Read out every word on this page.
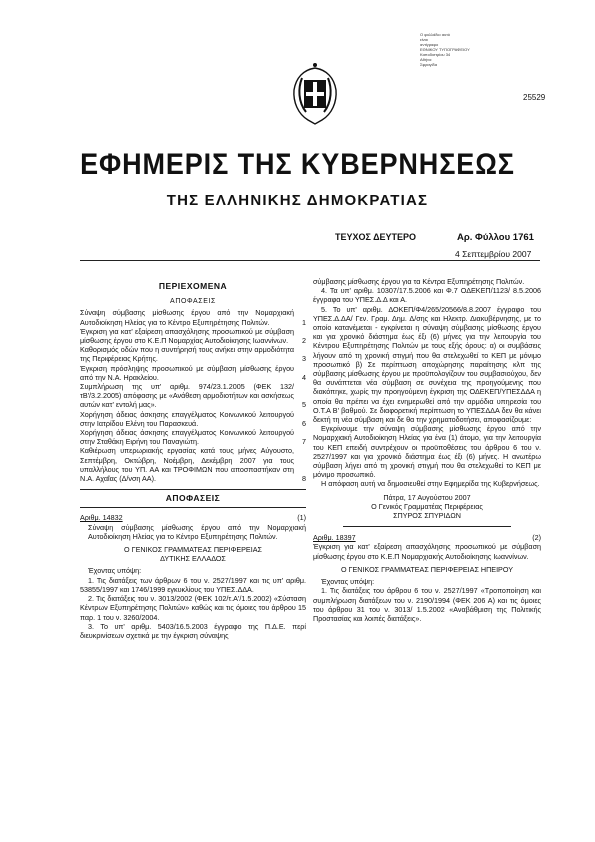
Ο φυλλάδιο αυτό
είναι
αντίγραφο
ΕΘΝΙΚΟΥ ΤΥΠΟΓΡΑΦΕΙΟΥ
Καποδιστρίου 34
Αθήνα
Σφραγίδα
25529
ΕΦΗΜΕΡΙΣ ΤΗΣ ΚΥΒΕΡΝΗΣΕΩΣ
ΤΗΣ ΕΛΛΗΝΙΚΗΣ ΔΗΜΟΚΡΑΤΙΑΣ
ΤΕΥΧΟΣ ΔΕΥΤΕΡΟ	Αρ. Φύλλου 1761
4 Σεπτεμβρίου 2007
ΠΕΡΙΕΧΟΜΕΝΑ
ΑΠΟΦΑΣΕΙΣ
Σύναψη σύμβασης μίσθωσης έργου από την Νομαρχιακή Αυτοδιοίκηση Ηλείας για το Κέντρο Εξυπηρέτησης Πολιτών.	1
Έγκριση για κατ' εξαίρεση απασχόλησης προσωπικού με σύμβαση μίσθωσης έργου στο Κ.Ε.Π Νομαρχίας Αυτοδιοίκησης Ιωαννίνων.	2
Καθορισμός οδών που η συντήρησή τους ανήκει στην αρμοδιότητα της Περιφέρειας Κρήτης.	3
Έγκριση πρόσληψης προσωπικού με σύμβαση μίσθωσης έργου από την Ν.Α. Ηρακλείου.	4
Συμπλήρωση της υπ' αριθμ. 974/23.1.2005 (ΦΕΚ 132/ τΒ'/3.2.2005) απόφασης με «Ανάθεση αρμοδιοτήτων και ασκήσεως αυτών κατ' εντολή μας».	5
Χορήγηση άδειας άσκησης επαγγέλματος Κοινωνικού λειτουργού στην Ιατρίδου Ελένη του Παρασκευά.	6
Χορήγηση άδειας άσκησης επαγγέλματος Κοινωνικού λειτουργού στην Σταθάκη Ειρήνη του Παναγιώτη.	7
Καθιέρωση υπερωριακής εργασίας κατά τους μήνες Αύγουστο, Σεπτέμβρη, Οκτώβρη, Νοέμβρη, Δεκέμβρη 2007 για τους υπαλλήλους του ΥΠ. ΑΑ και ΤΡΟΦΙΜΩΝ που αποσπαστήκαν στη Ν.Α. Αχαΐας (Δ/νση ΑΑ).	8
ΑΠΟΦΑΣΕΙΣ
Αριθμ. 14832	(1)
Σύναψη σύμβασης μίσθωσης έργου από την Νομαρχιακή Αυτοδιοίκηση Ηλείας για το Κέντρο Εξυπηρέτησης Πολιτών.
Ο ΓΕΝΙΚΟΣ ΓΡΑΜΜΑΤΕΑΣ ΠΕΡΙΦΕΡΕΙΑΣ
ΔΥΤΙΚΗΣ ΕΛΛΑΔΟΣ
Έχοντας υπόψη:
1. Τις διατάξεις των άρθρων 6 του ν. 2527/1997 και τις υπ' αριθμ. 53855/1997 και 1746/1999 εγκυκλίους του ΥΠΕΣ.ΔΔΑ.
2. Τις διατάξεις του ν. 3013/2002 (ΦΕΚ 102/τ.Α'/1.5.2002) «Σύσταση Κέντρων Εξυπηρέτησης Πολιτών» καθώς και τις όμοιες του άρθρου 15 παρ. 1 του ν. 3260/2004.
3. Το υπ' αριθμ. 5403/16.5.2003 έγγραφο της Π.Δ.Ε. περί διευκρινίσεων σχετικά με την έγκριση σύναψης
σύμβασης μίσθωσης έργου για τα Κέντρα Εξυπηρέτησης Πολιτών.
4. Τα υπ' αριθμ. 10307/17.5.2006 και Φ.7 ΟΔΕΚΕΠ/1123/ 8.5.2006 έγγραφα του ΥΠΕΣ.Δ.Δ και Α.
5. Το υπ' αριθμ. ΔΟΚΕΠ/Φ4/265/20566/8.8.2007 έγγραφο του ΥΠΕΣ.Δ.ΔΑ/ Γεν. Γραμ. Δημ. Δ/σης και Ηλεκτρ. Διακυβέρνησης, με το οποίο κατανέμεται - εγκρίνεται η σύναψη σύμβασης μίσθωσης έργου και για χρονικό διάστημα έως έξι (6) μήνες για την λειτουργία του Κέντρου Εξυπηρέτησης Πολιτών με τους εξής όρους: α) οι συμβάσεις λήγουν από τη χρονική στιγμή που θα στελεχωθεί το ΚΕΠ με μόνιμο προσωπικό β) Σε περίπτωση αποχώρησης παραίτησης κλπ της σύμβασης μίσθωσης έργου με προϋπολογίζουν του συμβασιούχου, δεν θα συνάπτεται νέα σύμβαση σε συνέχεια της προηγούμενης που διακόπηκε, χωρίς την προηγούμενη έγκριση της ΟΔΕΚΕΠ/ΥΠΕΣΔΔΑ η οποία θα πρέπει να έχει ενημερωθεί από την αρμόδια υπηρεσία του Ο.Τ.Α Β' βαθμού. Σε διαφορετική περίπτωση το ΥΠΕΣΔΔΑ δεν θα κάνει δεκτή τη νέα σύμβαση και δε θα την χρηματοδοτήσει, αποφασίζουμε:
Εγκρίνουμε την σύναψη σύμβασης μίσθωσης έργου από την Νομαρχιακή Αυτοδιοίκηση Ηλείας για ένα (1) άτομο, για την λειτουργία του ΚΕΠ επειδή συντρέχουν οι προϋποθέσεις του άρθρου 6 του ν. 2527/1997 και για χρονικό διάστημα έως έξι (6) μήνες. Η ανωτέρω σύμβαση λήγει από τη χρονική στιγμή που θα στελεχωθεί το ΚΕΠ με μόνιμο προσωπικό.
Η απόφαση αυτή να δημοσιευθεί στην Εφημερίδα της Κυβερνήσεως.
Πάτρα, 17 Αυγούστου 2007
Ο Γενικός Γραμματέας Περιφέρειας
ΣΠΥΡΟΣ ΣΠΥΡΙΔΩΝ
Αριθμ. 18397	(2)
Έγκριση για κατ' εξαίρεση απασχόλησης προσωπικού με σύμβαση μίσθωσης έργου στο Κ.Ε.Π Νομαρχιακής Αυτοδιοίκησης Ιωαννίνων.
Ο ΓΕΝΙΚΟΣ ΓΡΑΜΜΑΤΕΑΣ ΠΕΡΙΦΕΡΕΙΑΣ ΗΠΕΙΡΟΥ
Έχοντας υπόψη:
1. Τις διατάξεις του άρθρου 6 του ν. 2527/1997 «Τροποποίηση και συμπλήρωση διατάξεων του ν. 2190/1994 (ΦΕΚ 206 Α) και τις όμοιες του άρθρου 31 του ν. 3013/ 1.5.2002 «Αναβάθμιση της Πολιτικής Προστασίας και λοιπές διατάξεις».
